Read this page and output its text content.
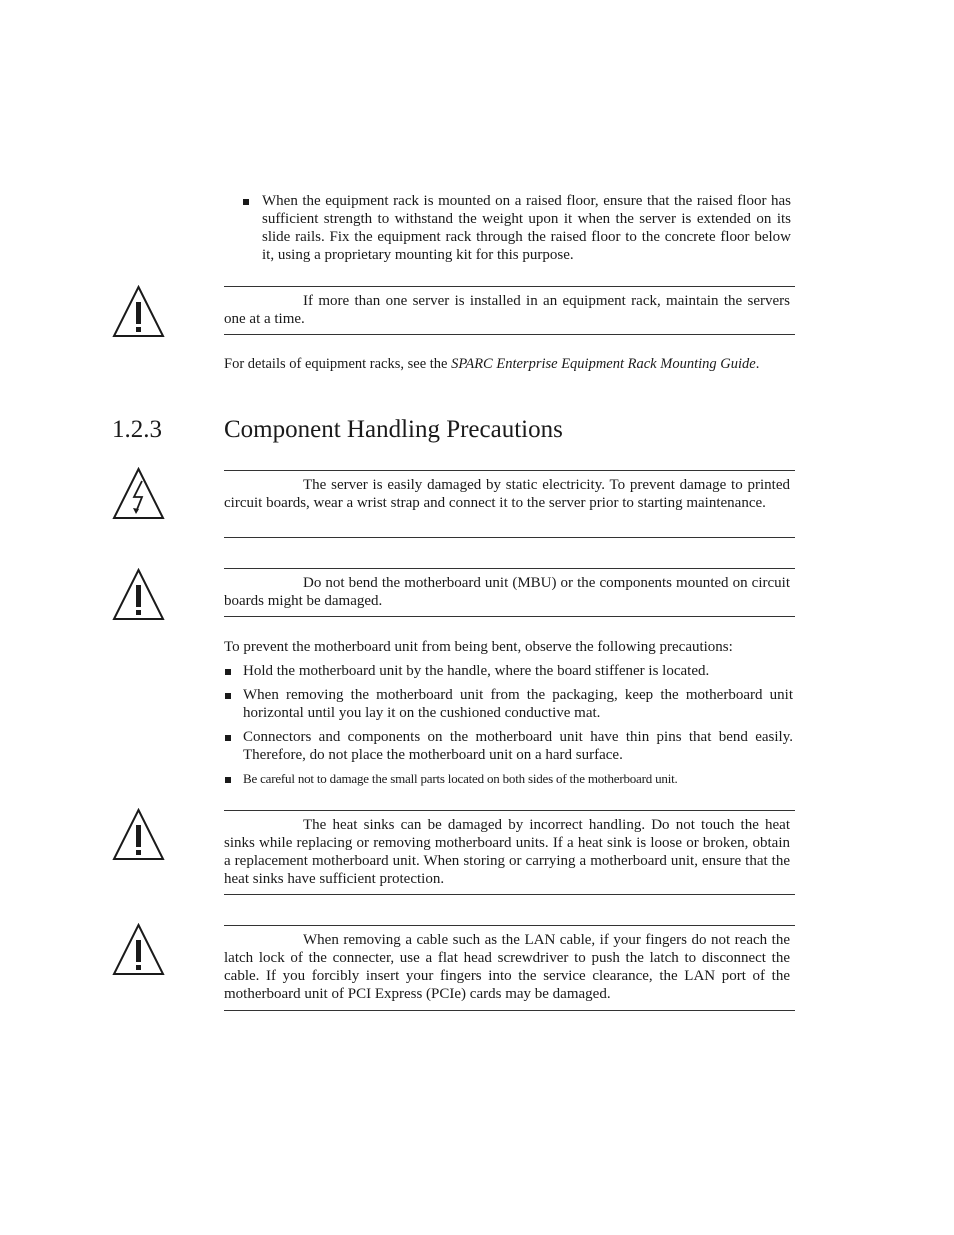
When the equipment rack is mounted on a raised floor, ensure that the raised floor has sufficient strength to withstand the weight upon it when the server is extended on its slide rails. Fix the equipment rack through the raised floor to the concrete floor below it, using a proprietary mounting kit for this purpose.
If more than one server is installed in an equipment rack, maintain the servers one at a time.
For details of equipment racks, see the SPARC Enterprise Equipment Rack Mounting Guide.
1.2.3 Component Handling Precautions
The server is easily damaged by static electricity. To prevent damage to printed circuit boards, wear a wrist strap and connect it to the server prior to starting maintenance.
Do not bend the motherboard unit (MBU) or the components mounted on circuit boards might be damaged.
To prevent the motherboard unit from being bent, observe the following precautions:
Hold the motherboard unit by the handle, where the board stiffener is located.
When removing the motherboard unit from the packaging, keep the motherboard unit horizontal until you lay it on the cushioned conductive mat.
Connectors and components on the motherboard unit have thin pins that bend easily. Therefore, do not place the motherboard unit on a hard surface.
Be careful not to damage the small parts located on both sides of the motherboard unit.
The heat sinks can be damaged by incorrect handling. Do not touch the heat sinks while replacing or removing motherboard units. If a heat sink is loose or broken, obtain a replacement motherboard unit. When storing or carrying a motherboard unit, ensure that the heat sinks have sufficient protection.
When removing a cable such as the LAN cable, if your fingers do not reach the latch lock of the connecter, use a flat head screwdriver to push the latch to disconnect the cable. If you forcibly insert your fingers into the service clearance, the LAN port of the motherboard unit of PCI Express (PCIe) cards may be damaged.
